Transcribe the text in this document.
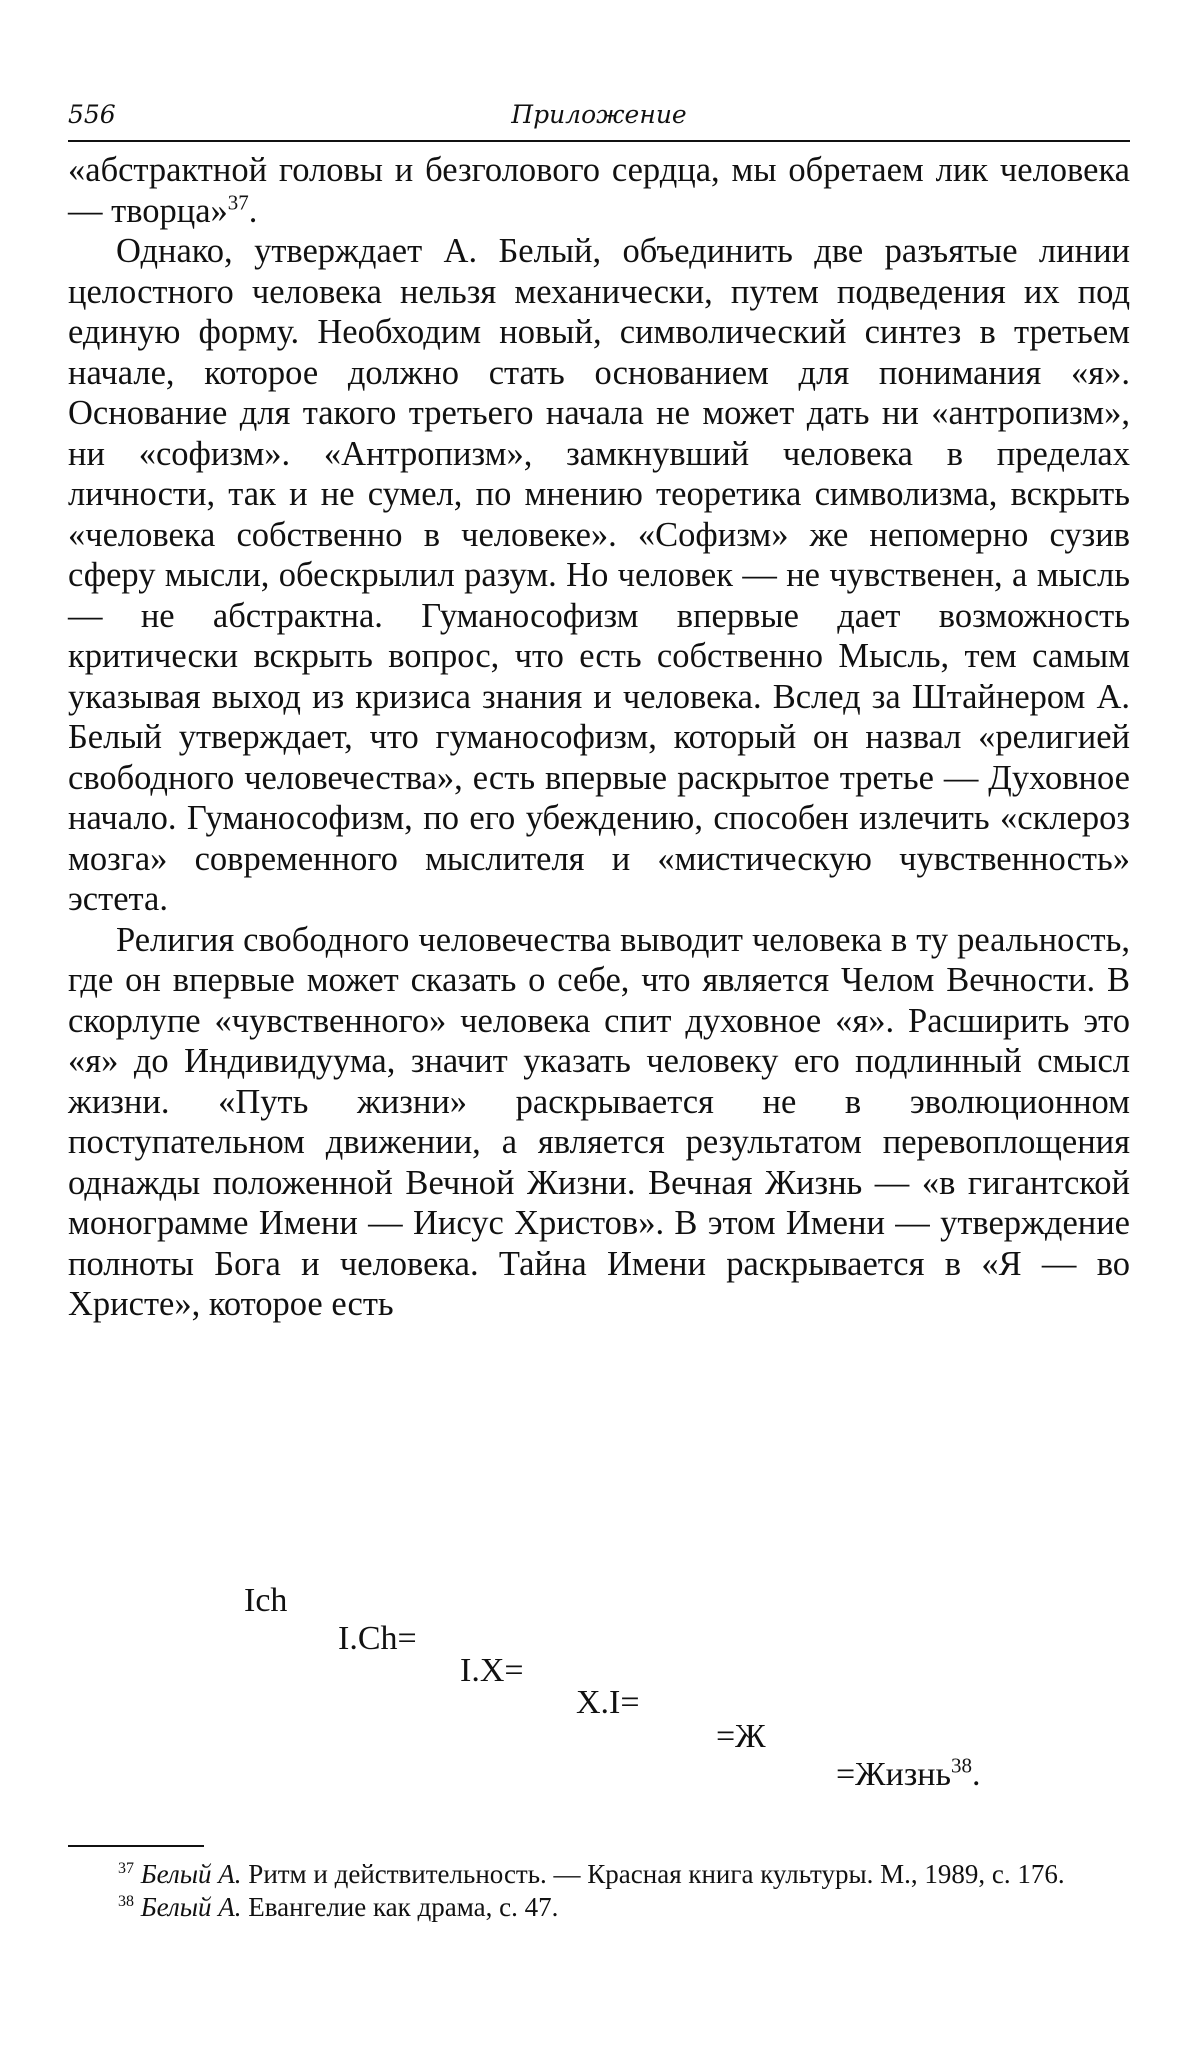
556	Приложение

«абстрактной головы и безголового сердца, мы обретаем лик человека — творца»$^{37}$.

Однако, утверждает А. Белый, объединить две разъятые линии целостного человека нельзя механически, путем подведения их под единую форму. Необходим новый, символический синтез в третьем начале, которое должно стать основанием для понимания «я». Основание для такого третьего начала не может дать ни «антропизм», ни «софизм». «Антропизм», замкнувший человека в пределах личности, так и не сумел, по мнению теоретика символизма, вскрыть «человека собственно в человеке». «Софизм» же непомерно сузив сферу мысли, обескрылил разум. Но человек — не чувственен, а мысль — не абстрактна. Гуманософизм впервые дает возможность критически вскрыть вопрос, что есть собственно Мысль, тем самым указывая выход из кризиса знания и человека. Вслед за Штайнером А. Белый утверждает, что гуманософизм, который он назвал «религией свободного человечества», есть впервые раскрытое третье — Духовное начало. Гуманософизм, по его убеждению, способен излечить «склероз мозга» современного мыслителя и «мистическую чувственность» эстета.

Религия свободного человечества выводит человека в ту реальность, где он впервые может сказать о себе, что является Челом Вечности. В скорлупе «чувственного» человека спит духовное «я». Расширить это «я» до Индивидуума, значит указать человеку его подлинный смысл жизни. «Путь жизни» раскрывается не в эволюционном поступательном движении, а является результатом перевоплощения однажды положенной Вечной Жизни. Вечная Жизнь — «в гигантской монограмме Имени — Иисус Христов». В этом Имени — утверждение полноты Бога и человека. Тайна Имени раскрывается в «Я — во Христе», которое есть

Ich
I.Ch=
I.X=
X.I=
=Ж
=Жизнь$^{38}$.

$^{37}$ Белый А. Ритм и действительность. — Красная книга культуры. М., 1989, с. 176.

$^{38}$ Белый А. Евангелие как драма, с. 47.
